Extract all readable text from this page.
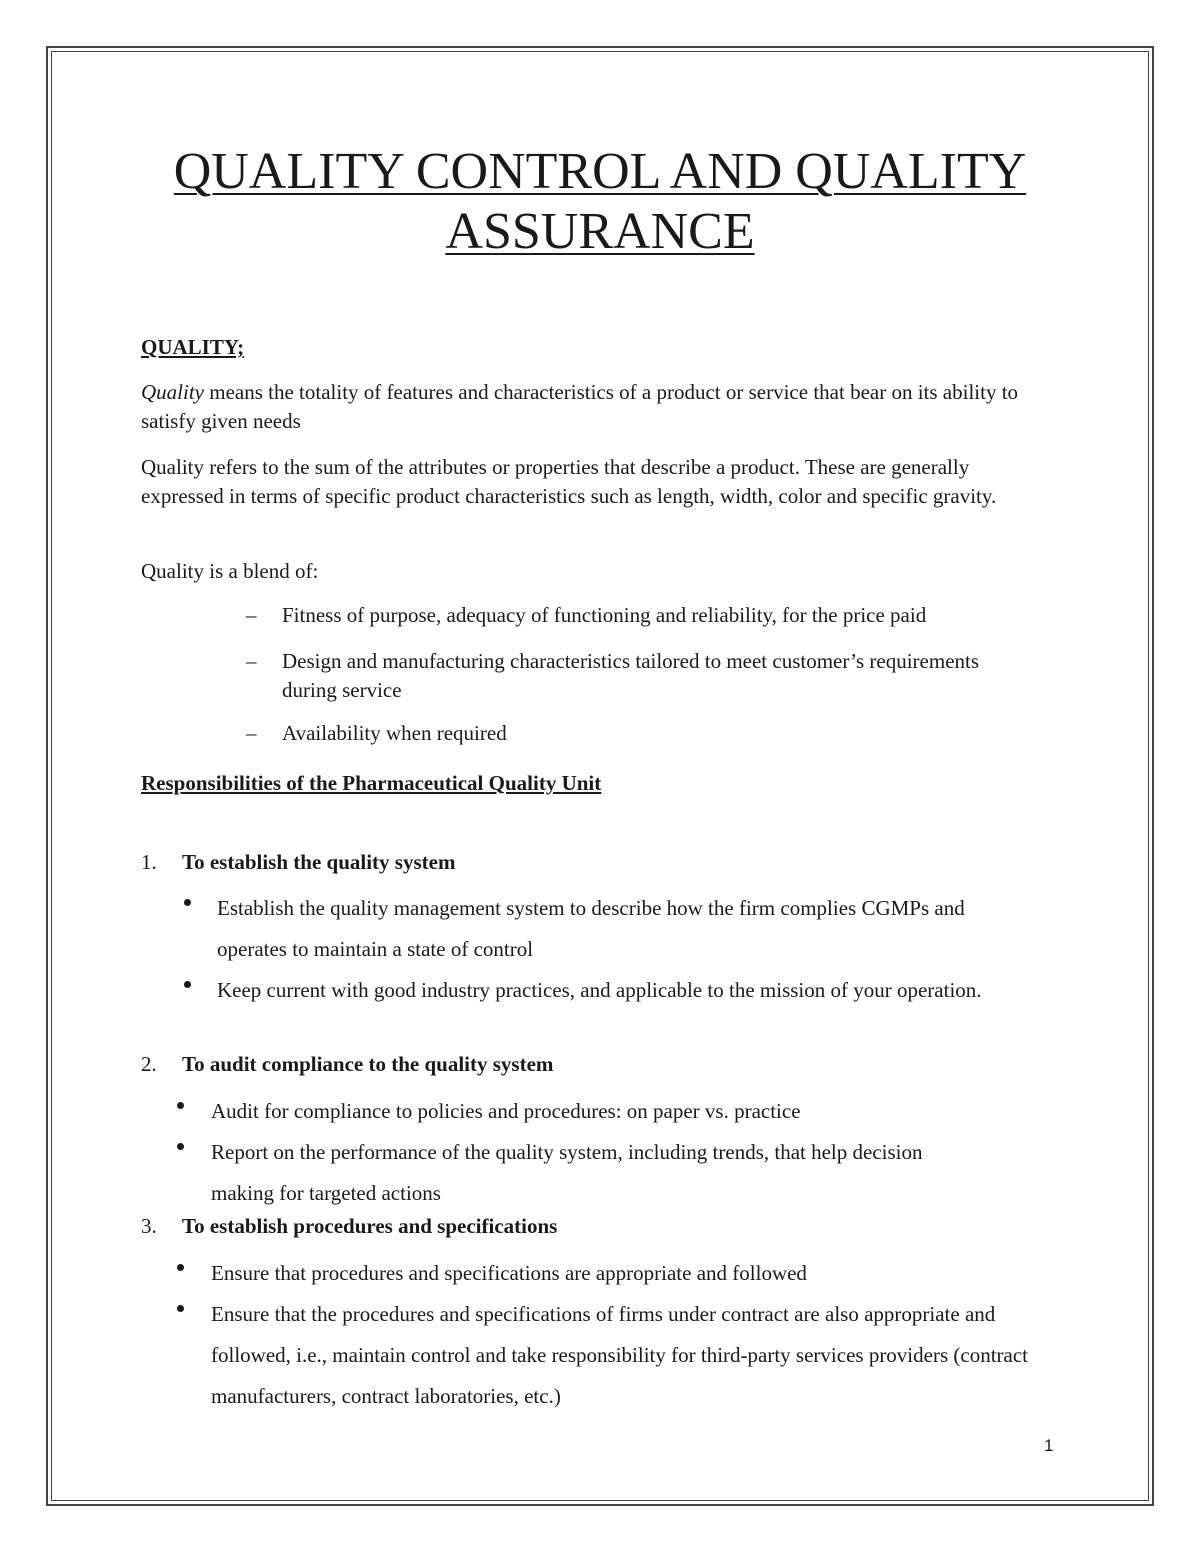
QUALITY CONTROL AND QUALITY ASSURANCE

QUALITY;

Quality means the totality of features and characteristics of a product or service that bear on its ability to satisfy given needs

Quality refers to the sum of the attributes or properties that describe a product. These are generally expressed in terms of specific product characteristics such as length, width, color and specific gravity.

Quality is a blend of:

– Fitness of purpose, adequacy of functioning and reliability, for the price paid

– Design and manufacturing characteristics tailored to meet customer’s requirements during service

– Availability when required

Responsibilities of the Pharmaceutical Quality Unit

1. To establish the quality system

Establish the quality management system to describe how the firm complies CGMPs and operates to maintain a state of control

Keep current with good industry practices, and applicable to the mission of your operation.

2. To audit compliance to the quality system

Audit for compliance to policies and procedures: on paper vs. practice

Report on the performance of the quality system, including trends, that help decision making for targeted actions

3. To establish procedures and specifications

Ensure that procedures and specifications are appropriate and followed

Ensure that the procedures and specifications of firms under contract are also appropriate and followed, i.e., maintain control and take responsibility for third-party services providers (contract manufacturers, contract laboratories, etc.)

1
